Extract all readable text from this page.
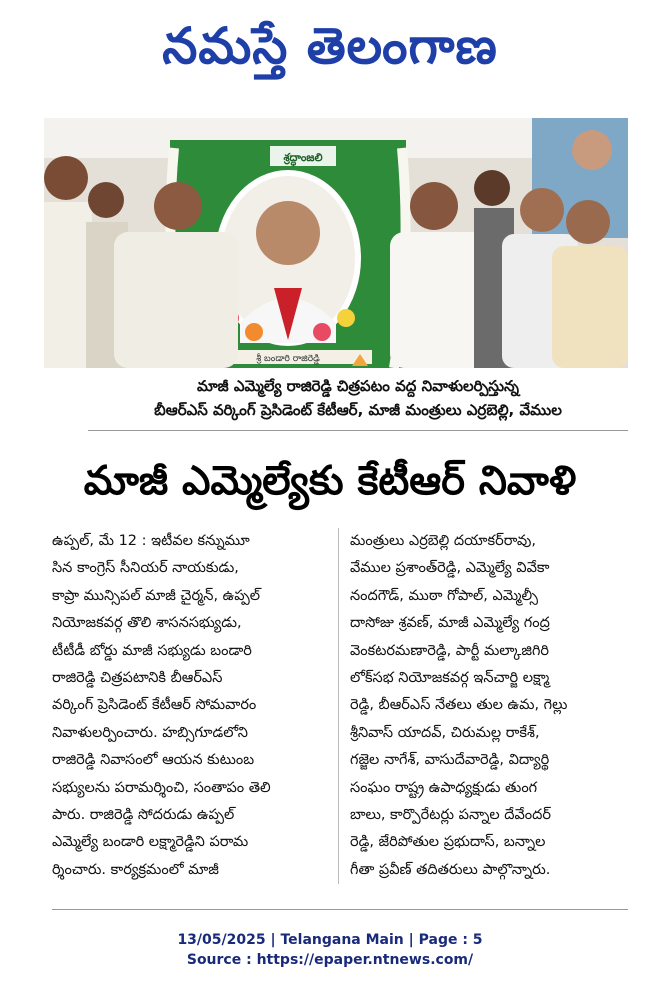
నమస్తే తెలంగాణ
శ్రద్ధాంజలి
శ్రీ బండారి రాజిరెడ్డి
మాజీ ఎమ్మెల్యే రాజిరెడ్డి చిత్రపటం వద్ద నివాళులర్పిస్తున్న
బీఆర్ఎస్ వర్కింగ్ ప్రెసిడెంట్ కేటీఆర్, మాజీ మంత్రులు ఎర్రబెల్లి, వేముల
మాజీ ఎమ్మెల్యేకు కేటీఆర్ నివాళి

ఉప్పల్, మే 12 : ఇటీవల కన్నుమూ

సిన కాంగ్రెస్ సీనియర్ నాయకుడు,

కాప్రా మున్సిపల్ మాజీ చైర్మన్, ఉప్పల్

నియోజకవర్గ తొలి శాసనసభ్యుడు,

టీటీడీ బోర్డు మాజీ సభ్యుడు బండారి

రాజిరెడ్డి చిత్రపటానికి బీఆర్ఎస్

వర్కింగ్ ప్రెసిడెంట్ కేటీఆర్ సోమవారం

నివాళులర్పించారు. హబ్సిగూడలోని

రాజిరెడ్డి నివాసంలో ఆయన కుటుంబ

సభ్యులను పరామర్శించి, సంతాపం తెలి

పారు. రాజిరెడ్డి సోదరుడు ఉప్పల్

ఎమ్మెల్యే బండారి లక్ష్మారెడ్డిని పరామ

ర్శించారు. కార్యక్రమంలో మాజీ

మంత్రులు ఎర్రబెల్లి దయాకర్‌రావు,

వేముల ప్రశాంత్‌రెడ్డి, ఎమ్మెల్యే వివేకా

నందగౌడ్, ముఠా గోపాల్, ఎమ్మెల్సీ

దాసోజు శ్రవణ్, మాజీ ఎమ్మెల్యే గంద్ర

వెంకటరమణారెడ్డి, పార్టీ మల్కాజిగిరి

లోక్‌సభ నియోజకవర్గ ఇన్‌చార్జి లక్ష్మా

రెడ్డి, బీఆర్ఎస్ నేతలు తుల ఉమ, గెల్లు

శ్రీనివాస్ యాదవ్, చిరుమల్ల రాకేశ్,

గజ్జెల నాగేశ్, వాసుదేవారెడ్డి, విద్యార్థి

సంఘం రాష్ట్ర ఉపాధ్యక్షుడు తుంగ

బాలు, కార్పొరేటర్లు పన్నాల దేవేందర్

రెడ్డి, జేరిపోతుల ప్రభుదాస్, బన్నాల

గీతా ప్రవీణ్ తదితరులు పాల్గొన్నారు.

13/05/2025 | Telangana Main | Page : 5
Source : https://epaper.ntnews.com/
